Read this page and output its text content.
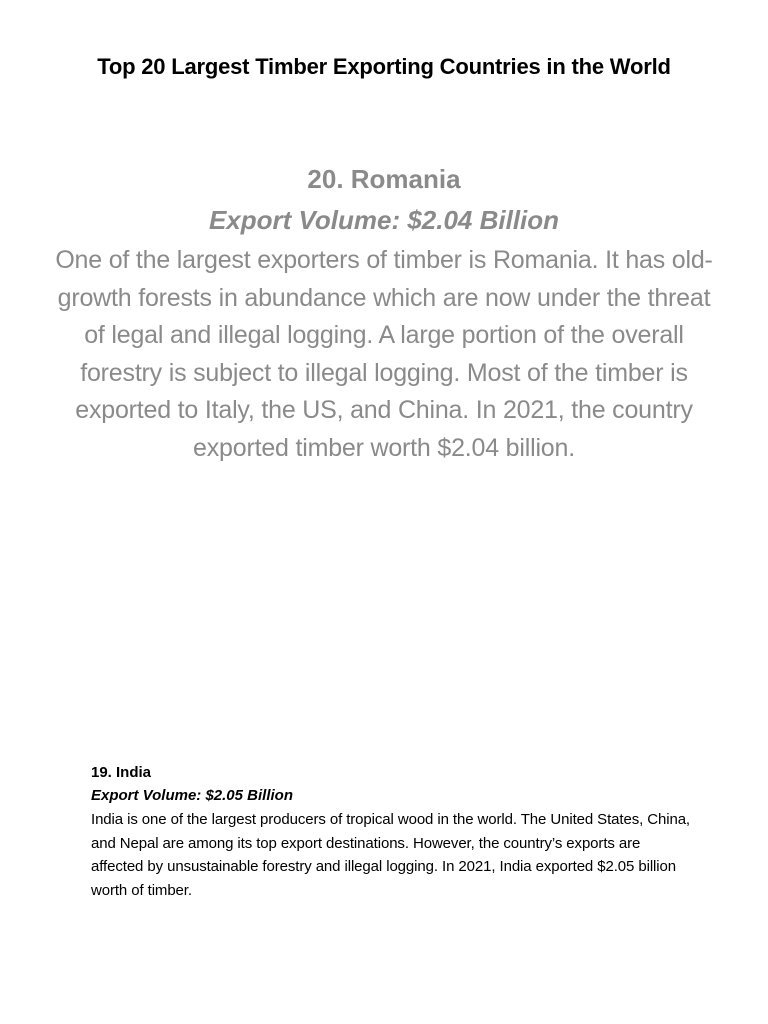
Top 20 Largest Timber Exporting Countries in the World
20. Romania
Export Volume: $2.04 Billion
One of the largest exporters of timber is Romania. It has old-growth forests in abundance which are now under the threat of legal and illegal logging. A large portion of the overall forestry is subject to illegal logging. Most of the timber is exported to Italy, the US, and China. In 2021, the country exported timber worth $2.04 billion.
19. India
Export Volume: $2.05 Billion
India is one of the largest producers of tropical wood in the world. The United States, China, and Nepal are among its top export destinations. However, the country’s exports are affected by unsustainable forestry and illegal logging. In 2021, India exported $2.05 billion worth of timber.
